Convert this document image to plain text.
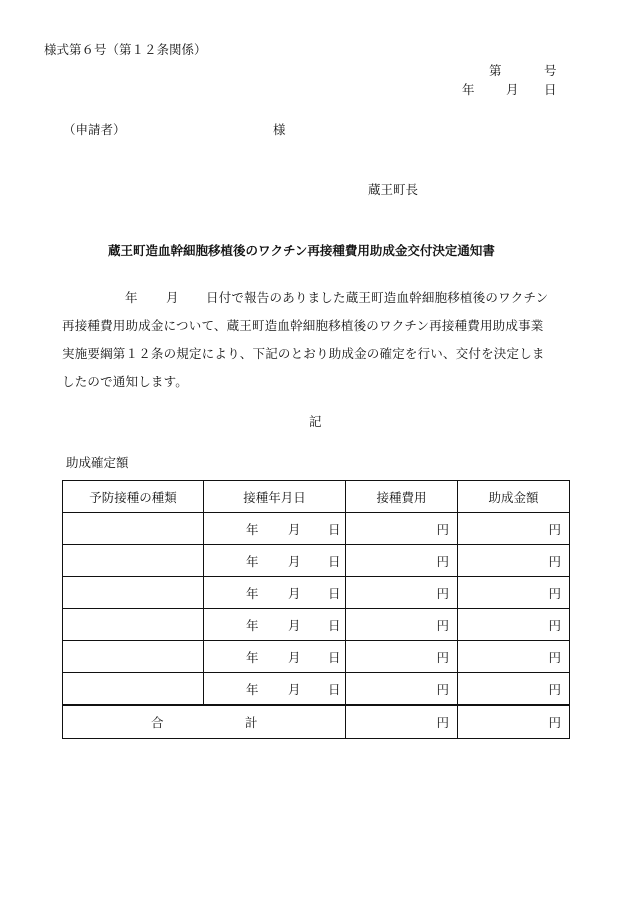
様式第６号（第１２条関係）
第	号
年	月 日
（申請者）	様
蔵王町長
蔵王町造血幹細胞移植後のワクチン再接種費用助成金交付決定通知書
年 月 日付で報告のありました蔵王町造血幹細胞移植後のワクチン
再接種費用助成金について、蔵王町造血幹細胞移植後のワクチン再接種費用助成事業
実施要綱第１２条の規定により、下記のとおり助成金の確定を行い、交付を決定しま
したので通知します。
記
助成確定額
予防接種の種類	接種年月日	接種費用	助成金額

	年 月 日	円	円

	年 月 日	円	円

	年 月 日	円	円

	年 月 日	円	円

	年 月 日	円	円

	年 月 日	円	円

合 計		円	円
